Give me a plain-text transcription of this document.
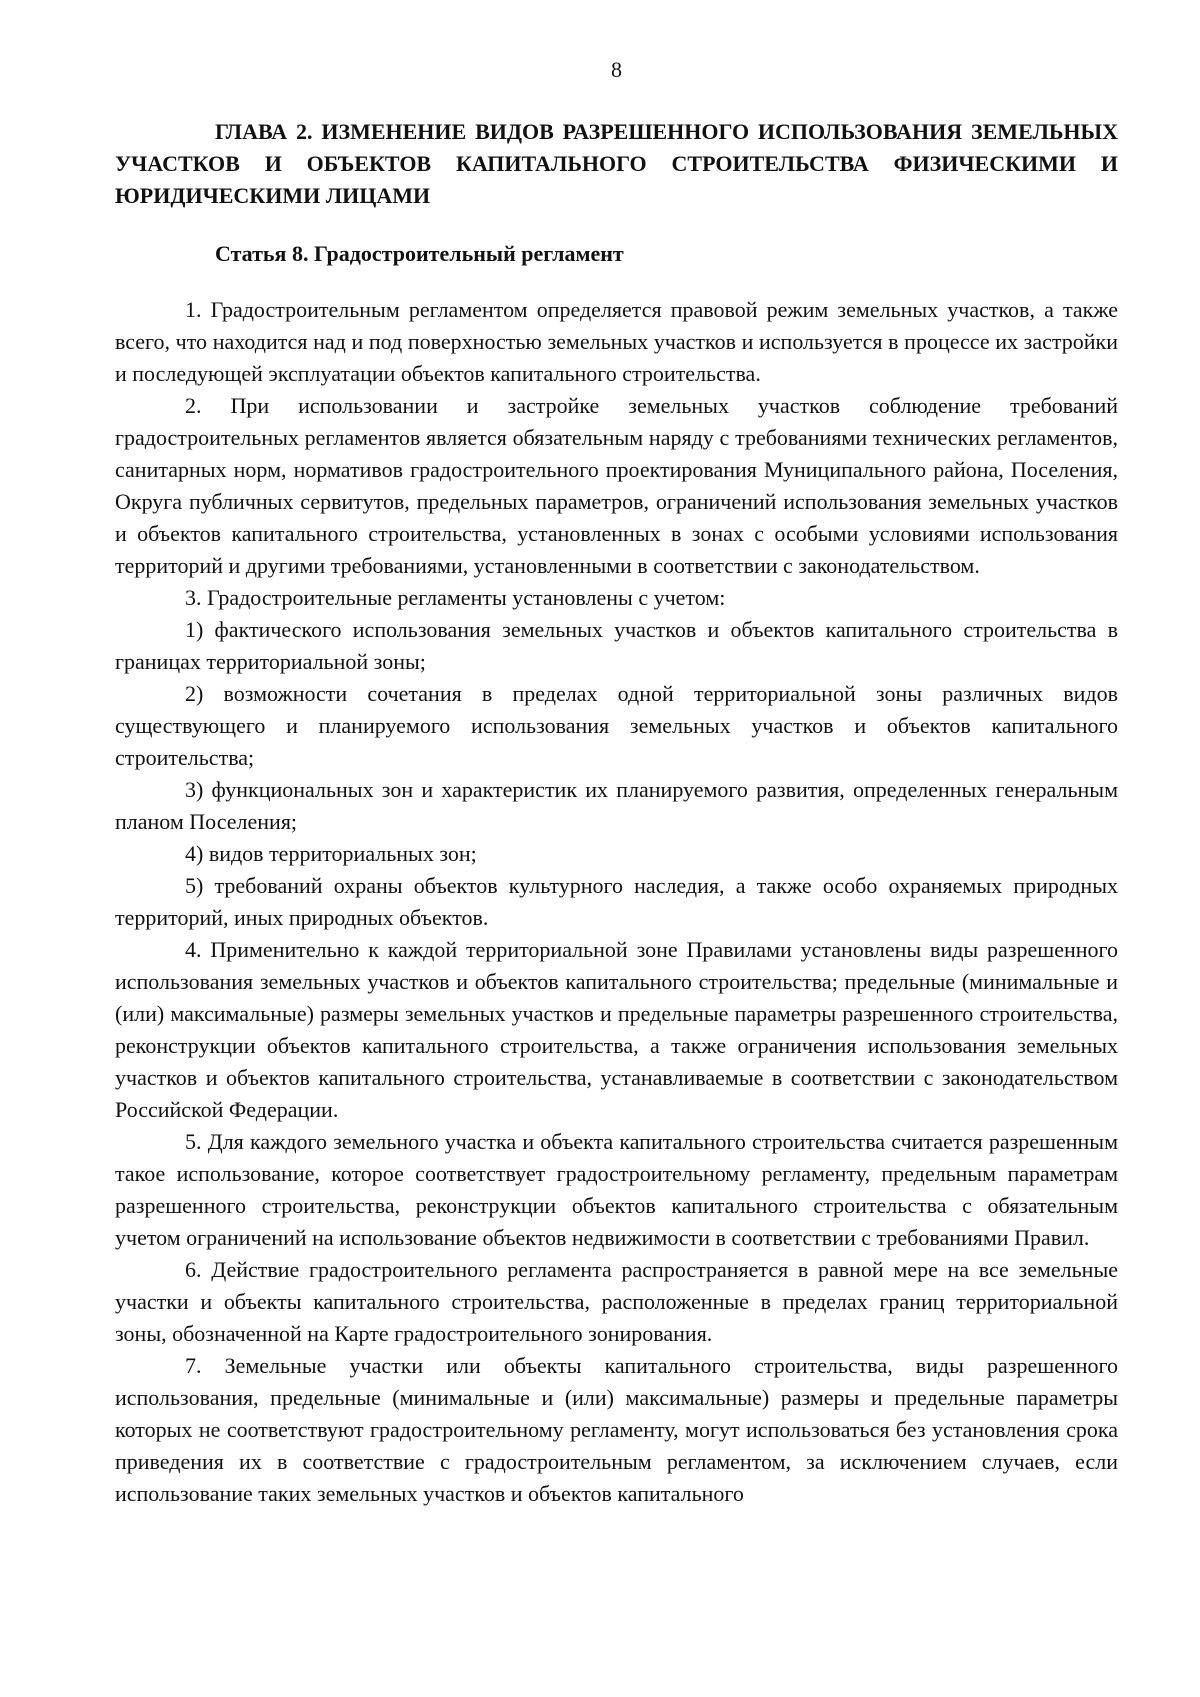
8
ГЛАВА 2. ИЗМЕНЕНИЕ ВИДОВ РАЗРЕШЕННОГО ИСПОЛЬЗОВАНИЯ ЗЕМЕЛЬНЫХ УЧАСТКОВ И ОБЪЕКТОВ КАПИТАЛЬНОГО СТРОИТЕЛЬСТВА ФИЗИЧЕСКИМИ И ЮРИДИЧЕСКИМИ ЛИЦАМИ
Статья 8. Градостроительный регламент

1. Градостроительным регламентом определяется правовой режим земельных участков, а также всего, что находится над и под поверхностью земельных участков и используется в процессе их застройки и последующей эксплуатации объектов капитального строительства.

2. При использовании и застройке земельных участков соблюдение требований градостроительных регламентов является обязательным наряду с требованиями технических регламентов, санитарных норм, нормативов градостроительного проектирования Муниципального района, Поселения, Округа публичных сервитутов, предельных параметров, ограничений использования земельных участков и объектов капитального строительства, установленных в зонах с особыми условиями использования территорий и другими требованиями, установленными в соответствии с законодательством.

3. Градостроительные регламенты установлены с учетом:

1) фактического использования земельных участков и объектов капитального строительства в границах территориальной зоны;

2) возможности сочетания в пределах одной территориальной зоны различных видов существующего и планируемого использования земельных участков и объектов капитального строительства;

3) функциональных зон и характеристик их планируемого развития, определенных генеральным планом Поселения;

4) видов территориальных зон;

5) требований охраны объектов культурного наследия, а также особо охраняемых природных территорий, иных природных объектов.

4. Применительно к каждой территориальной зоне Правилами установлены виды разрешенного использования земельных участков и объектов капитального строительства; предельные (минимальные и (или) максимальные) размеры земельных участков и предельные параметры разрешенного строительства, реконструкции объектов капитального строительства, а также ограничения использования земельных участков и объектов капитального строительства, устанавливаемые в соответствии с законодательством Российской Федерации.

5. Для каждого земельного участка и объекта капитального строительства считается разрешенным такое использование, которое соответствует градостроительному регламенту, предельным параметрам разрешенного строительства, реконструкции объектов капитального строительства с обязательным учетом ограничений на использование объектов недвижимости в соответствии с требованиями Правил.

6. Действие градостроительного регламента распространяется в равной мере на все земельные участки и объекты капитального строительства, расположенные в пределах границ территориальной зоны, обозначенной на Карте градостроительного зонирования.

7. Земельные участки или объекты капитального строительства, виды разрешенного использования, предельные (минимальные и (или) максимальные) размеры и предельные параметры которых не соответствуют градостроительному регламенту, могут использоваться без установления срока приведения их в соответствие с градостроительным регламентом, за исключением случаев, если использование таких земельных участков и объектов капитального
